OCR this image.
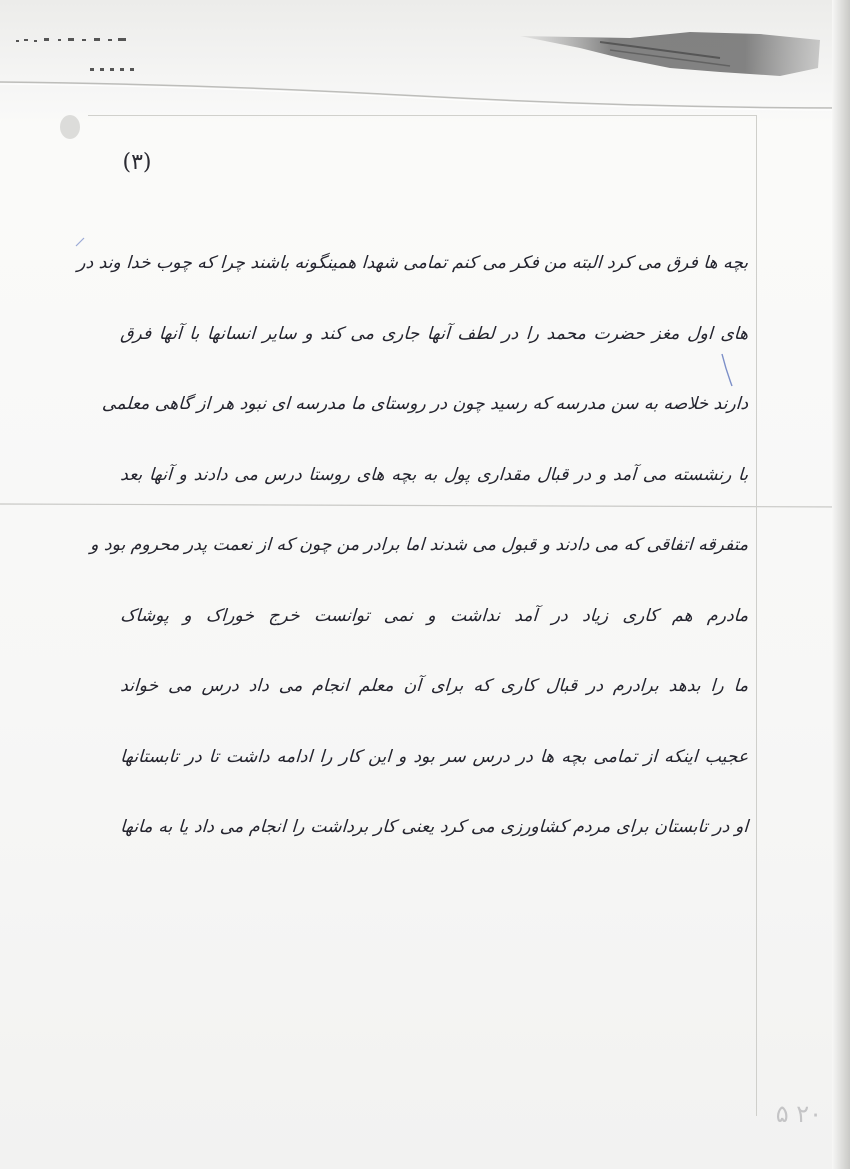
(۳)
بچه ها فرق می کرد البته من فکر می کنم تمامی شهدا همینگونه باشند چرا که چوب خدا وند در
های اول مغز حضرت محمد را در لطف آنها جاری می کند و سایر انسانها با آنها فرق
دارند خلاصه به سن مدرسه که رسید چون در روستای ما مدرسه ای نبود هر از گاهی معلمی
با رنشسته می آمد و در قبال مقداری پول به بچه های روستا درس می دادند و آنها بعد
متفرقه اتفاقی که می دادند و قبول می شدند اما برادر من چون که از نعمت پدر محروم بود و
مادرم هم کاری زیاد در آمد نداشت و نمی توانست خرج خوراک و پوشاک
ما را بدهد برادرم در قبال کاری که برای آن معلم انجام می داد درس می خواند
عجیب اینکه از تمامی بچه ها در درس سر بود و این کار را ادامه داشت تا در تابستانها
او در تابستان برای مردم کشاورزی می کرد یعنی کار برداشت را انجام می داد یا به مانها
۲۰ ۵
